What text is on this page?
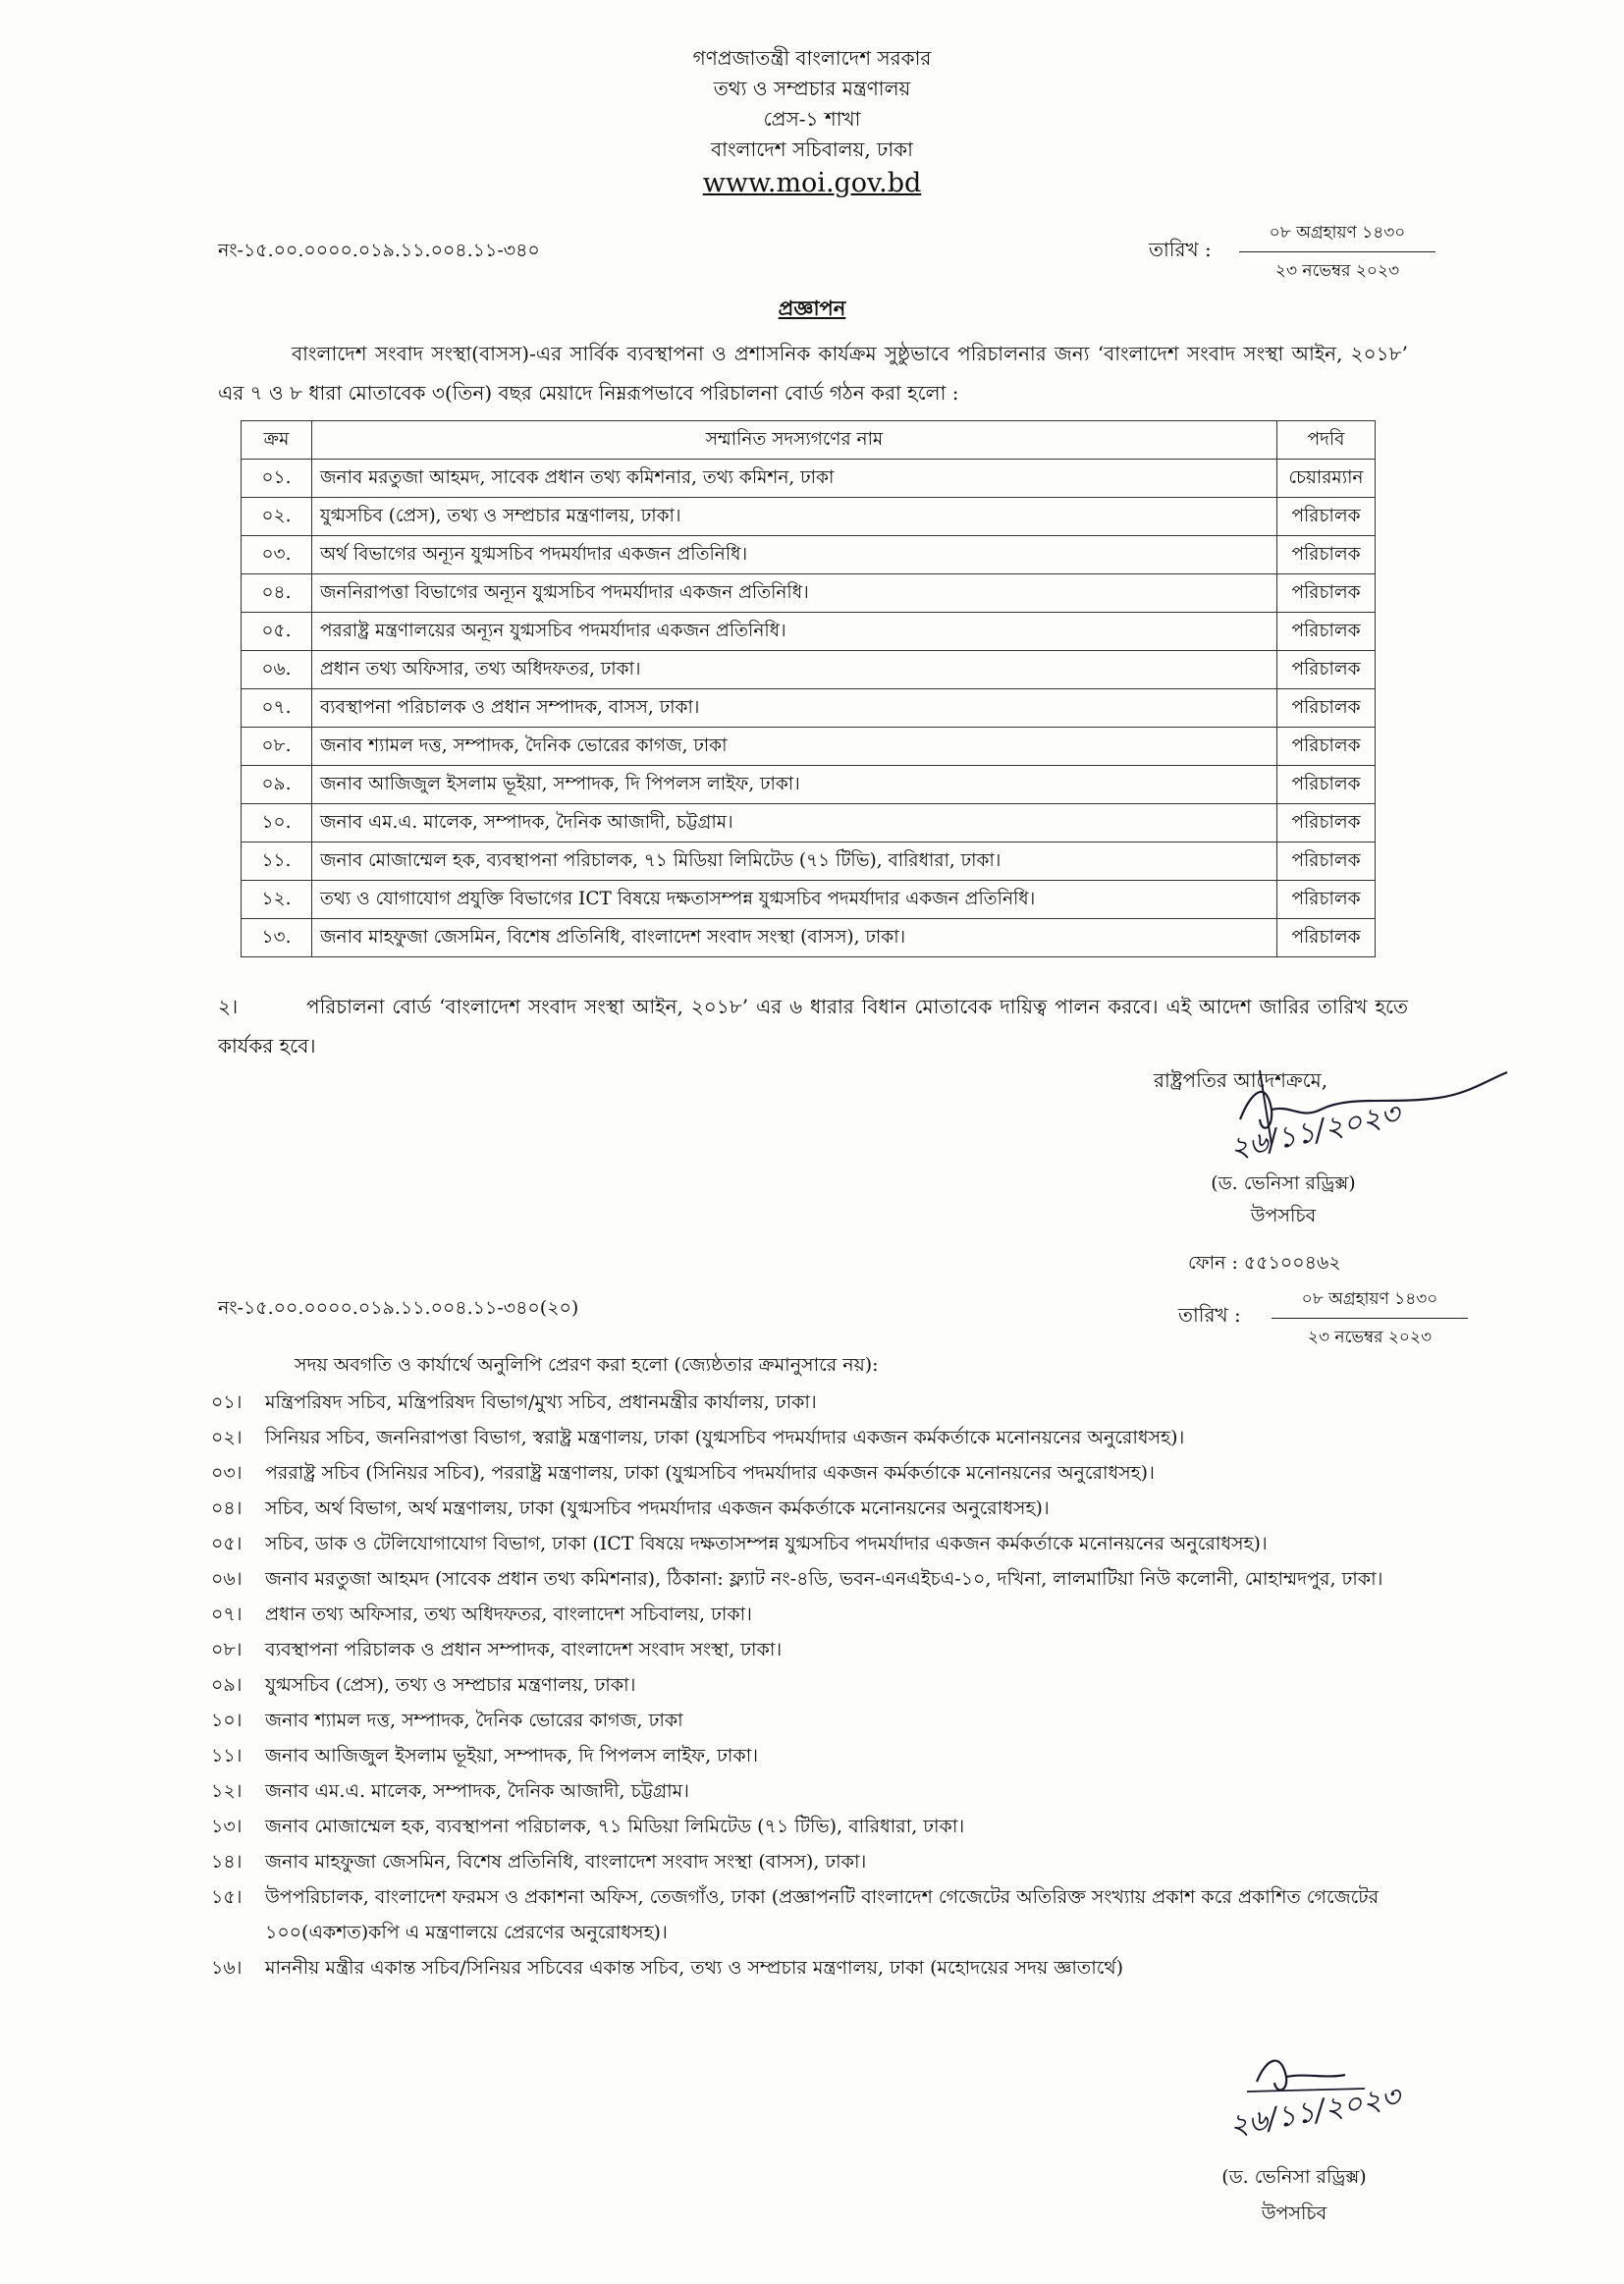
গণপ্রজাতন্ত্রী বাংলাদেশ সরকার
তথ্য ও সম্প্রচার মন্ত্রণালয়
প্রেস-১ শাখা
বাংলাদেশ সচিবালয়, ঢাকা
www.moi.gov.bd
নং-১৫.০০.০০০০.০১৯.১১.০০৪.১১-৩৪০	তারিখ :
০৮ অগ্রহায়ণ ১৪৩০
২৩ নভেম্বর ২০২৩
প্রজ্ঞাপন
বাংলাদেশ সংবাদ সংস্থা(বাসস)-এর সার্বিক ব্যবস্থাপনা ও প্রশাসনিক কার্যক্রম সুষ্ঠুভাবে পরিচালনার জন্য ‘বাংলাদেশ সংবাদ সংস্থা আইন, ২০১৮’ এর ৭ ও ৮ ধারা মোতাবেক ৩(তিন) বছর মেয়াদে নিম্নরূপভাবে পরিচালনা বোর্ড গঠন করা হলো :
ক্রম	সম্মানিত সদস্যগণের নাম	পদবি
০১.	জনাব মরতুজা আহমদ, সাবেক প্রধান তথ্য কমিশনার, তথ্য কমিশন, ঢাকা	চেয়ারম্যান
০২.	যুগ্মসচিব (প্রেস), তথ্য ও সম্প্রচার মন্ত্রণালয়, ঢাকা।	পরিচালক
০৩.	অর্থ বিভাগের অন্যূন যুগ্মসচিব পদমর্যাদার একজন প্রতিনিধি।	পরিচালক
০৪.	জননিরাপত্তা বিভাগের অন্যূন যুগ্মসচিব পদমর্যাদার একজন প্রতিনিধি।	পরিচালক
০৫.	পররাষ্ট্র মন্ত্রণালয়ের অন্যূন যুগ্মসচিব পদমর্যাদার একজন প্রতিনিধি।	পরিচালক
০৬.	প্রধান তথ্য অফিসার, তথ্য অধিদফতর, ঢাকা।	পরিচালক
০৭.	ব্যবস্থাপনা পরিচালক ও প্রধান সম্পাদক, বাসস, ঢাকা।	পরিচালক
০৮.	জনাব শ্যামল দত্ত, সম্পাদক, দৈনিক ভোরের কাগজ, ঢাকা	পরিচালক
০৯.	জনাব আজিজুল ইসলাম ভূইয়া, সম্পাদক, দি পিপলস লাইফ, ঢাকা।	পরিচালক
১০.	জনাব এম.এ. মালেক, সম্পাদক, দৈনিক আজাদী, চট্টগ্রাম।	পরিচালক
১১.	জনাব মোজাম্মেল হক, ব্যবস্থাপনা পরিচালক, ৭১ মিডিয়া লিমিটেড (৭১ টিভি), বারিধারা, ঢাকা।	পরিচালক
১২.	তথ্য ও যোগাযোগ প্রযুক্তি বিভাগের ICT বিষয়ে দক্ষতাসম্পন্ন যুগ্মসচিব পদমর্যাদার একজন প্রতিনিধি।	পরিচালক
১৩.	জনাব মাহফুজা জেসমিন, বিশেষ প্রতিনিধি, বাংলাদেশ সংবাদ সংস্থা (বাসস), ঢাকা।	পরিচালক
২।	পরিচালনা বোর্ড ‘বাংলাদেশ সংবাদ সংস্থা আইন, ২০১৮’ এর ৬ ধারার বিধান মোতাবেক দায়িত্ব পালন করবে। এই আদেশ জারির তারিখ হতে কার্যকর হবে।
রাষ্ট্রপতির আদেশক্রমে,
২৬/১১/২০২৩
(ড. ভেনিসা রড্রিক্স)
উপসচিব
ফোন : ৫৫১০০৪৬২
নং-১৫.০০.০০০০.০১৯.১১.০০৪.১১-৩৪০(২০)	তারিখ :
০৮ অগ্রহায়ণ ১৪৩০
২৩ নভেম্বর ২০২৩
সদয় অবগতি ও কার্যার্থে অনুলিপি প্রেরণ করা হলো (জ্যেষ্ঠতার ক্রমানুসারে নয়):
০১।	মন্ত্রিপরিষদ সচিব, মন্ত্রিপরিষদ বিভাগ/মুখ্য সচিব, প্রধানমন্ত্রীর কার্যালয়, ঢাকা।
০২।	সিনিয়র সচিব, জননিরাপত্তা বিভাগ, স্বরাষ্ট্র মন্ত্রণালয়, ঢাকা (যুগ্মসচিব পদমর্যাদার একজন কর্মকর্তাকে মনোনয়নের অনুরোধসহ)।
০৩।	পররাষ্ট্র সচিব (সিনিয়র সচিব), পররাষ্ট্র মন্ত্রণালয়, ঢাকা (যুগ্মসচিব পদমর্যাদার একজন কর্মকর্তাকে মনোনয়নের অনুরোধসহ)।
০৪।	সচিব, অর্থ বিভাগ, অর্থ মন্ত্রণালয়, ঢাকা (যুগ্মসচিব পদমর্যাদার একজন কর্মকর্তাকে মনোনয়নের অনুরোধসহ)।
০৫।	সচিব, ডাক ও টেলিযোগাযোগ বিভাগ, ঢাকা (ICT বিষয়ে দক্ষতাসম্পন্ন যুগ্মসচিব পদমর্যাদার একজন কর্মকর্তাকে মনোনয়নের অনুরোধসহ)।
০৬।	জনাব মরতুজা আহমদ (সাবেক প্রধান তথ্য কমিশনার), ঠিকানা: ফ্ল্যাট নং-৪ডি, ভবন-এনএইচএ-১০, দখিনা, লালমাটিয়া নিউ কলোনী, মোহাম্মদপুর, ঢাকা।
০৭।	প্রধান তথ্য অফিসার, তথ্য অধিদফতর, বাংলাদেশ সচিবালয়, ঢাকা।
০৮।	ব্যবস্থাপনা পরিচালক ও প্রধান সম্পাদক, বাংলাদেশ সংবাদ সংস্থা, ঢাকা।
০৯।	যুগ্মসচিব (প্রেস), তথ্য ও সম্প্রচার মন্ত্রণালয়, ঢাকা।
১০।	জনাব শ্যামল দত্ত, সম্পাদক, দৈনিক ভোরের কাগজ, ঢাকা
১১।	জনাব আজিজুল ইসলাম ভূইয়া, সম্পাদক, দি পিপলস লাইফ, ঢাকা।
১২।	জনাব এম.এ. মালেক, সম্পাদক, দৈনিক আজাদী, চট্টগ্রাম।
১৩।	জনাব মোজাম্মেল হক, ব্যবস্থাপনা পরিচালক, ৭১ মিডিয়া লিমিটেড (৭১ টিভি), বারিধারা, ঢাকা।
১৪।	জনাব মাহফুজা জেসমিন, বিশেষ প্রতিনিধি, বাংলাদেশ সংবাদ সংস্থা (বাসস), ঢাকা।
১৫।	উপপরিচালক, বাংলাদেশ ফরমস ও প্রকাশনা অফিস, তেজগাঁও, ঢাকা (প্রজ্ঞাপনটি বাংলাদেশ গেজেটের অতিরিক্ত সংখ্যায় প্রকাশ করে প্রকাশিত গেজেটের ১০০(একশত)কপি এ মন্ত্রণালয়ে প্রেরণের অনুরোধসহ)।
১৬।	মাননীয় মন্ত্রীর একান্ত সচিব/সিনিয়র সচিবের একান্ত সচিব, তথ্য ও সম্প্রচার মন্ত্রণালয়, ঢাকা (মহোদয়ের সদয় জ্ঞাতার্থে)
২৬/১১/২০২৩
(ড. ভেনিসা রড্রিক্স)
উপসচিব
